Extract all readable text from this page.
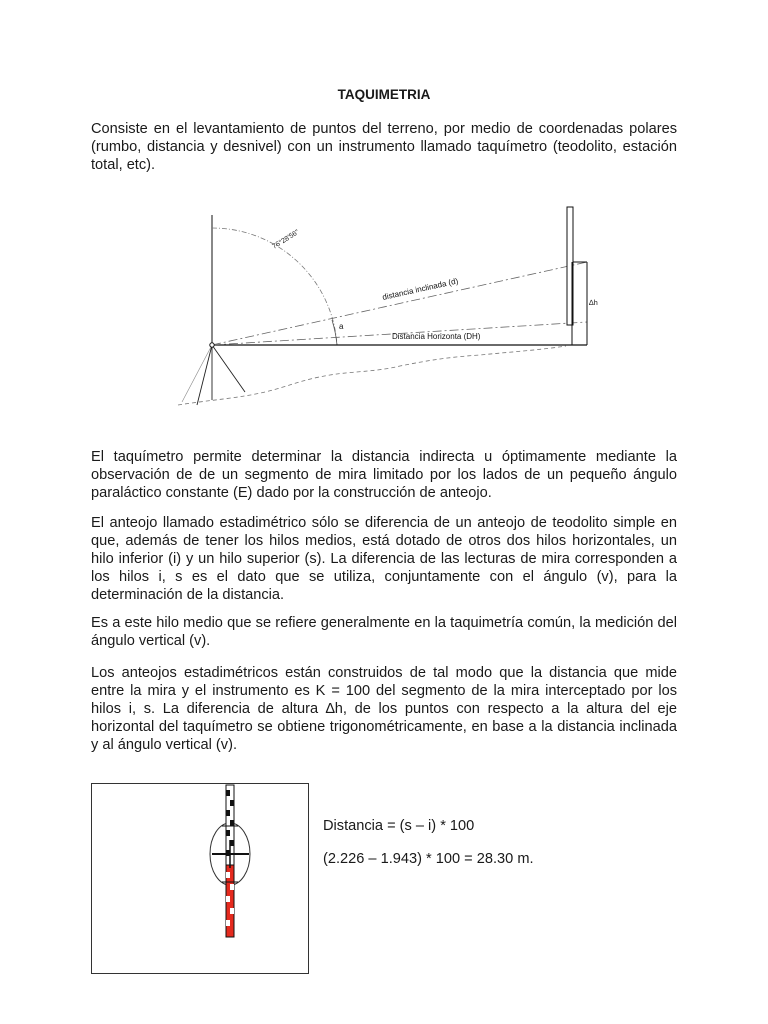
TAQUIMETRIA

Consiste en el levantamiento de puntos del terreno, por medio de coordenadas polares (rumbo, distancia y desnivel) con un instrumento llamado taquímetro (teodolito, estación total, etc).

76°28'56"
distancia inclinada (d)
Distancia Horizonta (DH)
a
∆h

El taquímetro permite determinar la distancia indirecta u óptimamente mediante la observación de de un segmento de mira limitado por los lados de un pequeño ángulo paraláctico constante (E) dado por la construcción de anteojo.

El anteojo llamado estadimétrico sólo se diferencia de un anteojo de teodolito simple en que, además de tener los hilos medios, está dotado de otros dos hilos horizontales, un hilo inferior (i) y un hilo superior (s). La diferencia de las lecturas de mira corresponden a los hilos i, s es el dato que se utiliza, conjuntamente con el ángulo (v), para la determinación de la distancia.

Es a este hilo medio que se refiere generalmente en la taquimetría común, la medición del ángulo vertical (v).

Los anteojos estadimétricos están construidos de tal modo que la distancia que mide entre la mira y el instrumento es K = 100 del segmento de la mira interceptado por los hilos i, s. La diferencia de altura ∆h, de los puntos con respecto a la altura del eje horizontal del taquímetro se obtiene trigonométricamente, en base a la distancia inclinada y al ángulo vertical (v).

Distancia = (s – i) * 100
(2.226 – 1.943) * 100 = 28.30 m.
